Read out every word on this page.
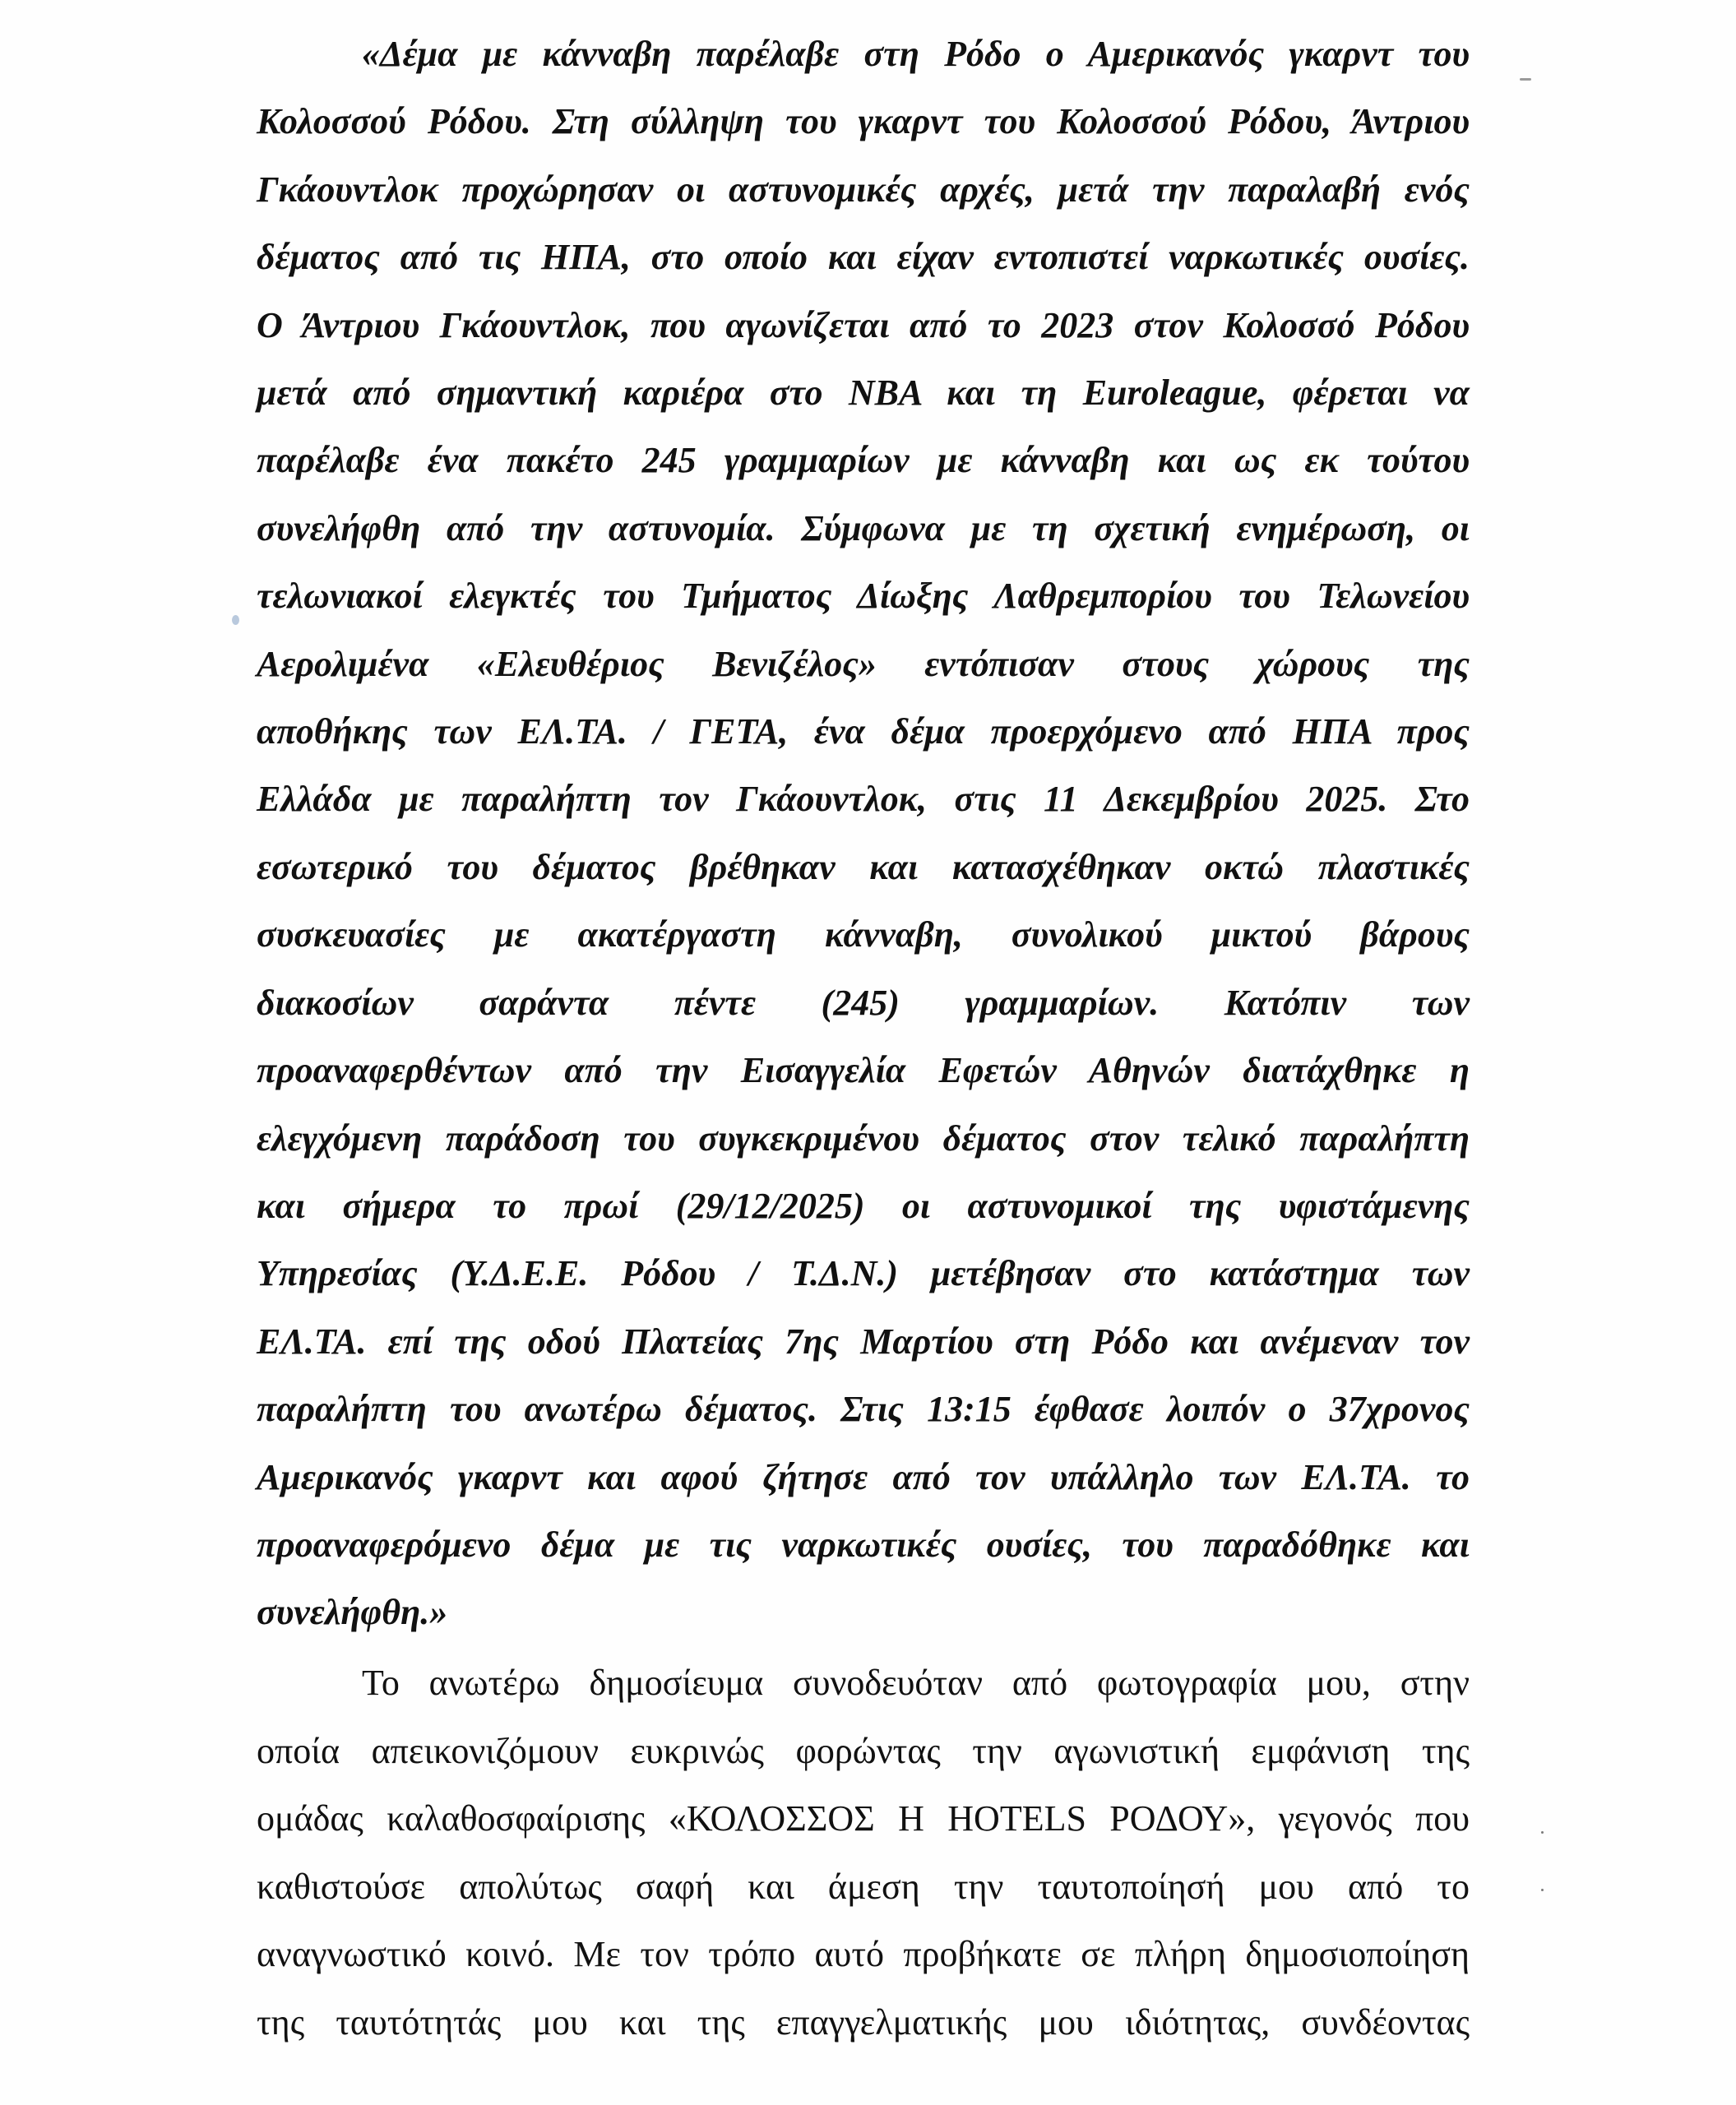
«Δέμα με κάνναβη παρέλαβε στη Ρόδο ο Αμερικανός γκαρντ του
Κολοσσού Ρόδου. Στη σύλληψη του γκαρντ του Κολοσσού Ρόδου, Άντριου
Γκάουντλοκ προχώρησαν οι αστυνομικές αρχές, μετά την παραλαβή ενός
δέματος από τις ΗΠΑ, στο οποίο και είχαν εντοπιστεί ναρκωτικές ουσίες.
Ο Άντριου Γκάουντλοκ, που αγωνίζεται από το 2023 στον Κολοσσό Ρόδου
μετά από σημαντική καριέρα στο NBA και τη Euroleague, φέρεται να
παρέλαβε ένα πακέτο 245 γραμμαρίων με κάνναβη και ως εκ τούτου
συνελήφθη από την αστυνομία. Σύμφωνα με τη σχετική ενημέρωση, οι
τελωνιακοί ελεγκτές του Τμήματος Δίωξης Λαθρεμπορίου του Τελωνείου
Αερολιμένα «Ελευθέριος Βενιζέλος» εντόπισαν στους χώρους της
αποθήκης των ΕΛ.ΤΑ. / ΓΕΤΑ, ένα δέμα προερχόμενο από ΗΠΑ προς
Ελλάδα με παραλήπτη τον Γκάουντλοκ, στις 11 Δεκεμβρίου 2025. Στο
εσωτερικό του δέματος βρέθηκαν και κατασχέθηκαν οκτώ πλαστικές
συσκευασίες με ακατέργαστη κάνναβη, συνολικού μικτού βάρους
διακοσίων σαράντα πέντε (245) γραμμαρίων. Κατόπιν των
προαναφερθέντων από την Εισαγγελία Εφετών Αθηνών διατάχθηκε η
ελεγχόμενη παράδοση του συγκεκριμένου δέματος στον τελικό παραλήπτη
και σήμερα το πρωί (29/12/2025) οι αστυνομικοί της υφιστάμενης
Υπηρεσίας (Υ.Δ.Ε.Ε. Ρόδου / Τ.Δ.Ν.) μετέβησαν στο κατάστημα των
ΕΛ.ΤΑ. επί της οδού Πλατείας 7ης Μαρτίου στη Ρόδο και ανέμεναν τον
παραλήπτη του ανωτέρω δέματος. Στις 13:15 έφθασε λοιπόν ο 37χρονος
Αμερικανός γκαρντ και αφού ζήτησε από τον υπάλληλο των ΕΛ.ΤΑ. το
προαναφερόμενο δέμα με τις ναρκωτικές ουσίες, του παραδόθηκε και
συνελήφθη.»
Το ανωτέρω δημοσίευμα συνοδευόταν από φωτογραφία μου, στην
οποία απεικονιζόμουν ευκρινώς φορώντας την αγωνιστική εμφάνιση της
ομάδας καλαθοσφαίρισης «ΚΟΛΟΣΣΟΣ Η HOTELS ΡΟΔΟΥ», γεγονός που
καθιστούσε απολύτως σαφή και άμεση την ταυτοποίησή μου από το
αναγνωστικό κοινό. Με τον τρόπο αυτό προβήκατε σε πλήρη δημοσιοποίηση
της ταυτότητάς μου και της επαγγελματικής μου ιδιότητας, συνδέοντας
